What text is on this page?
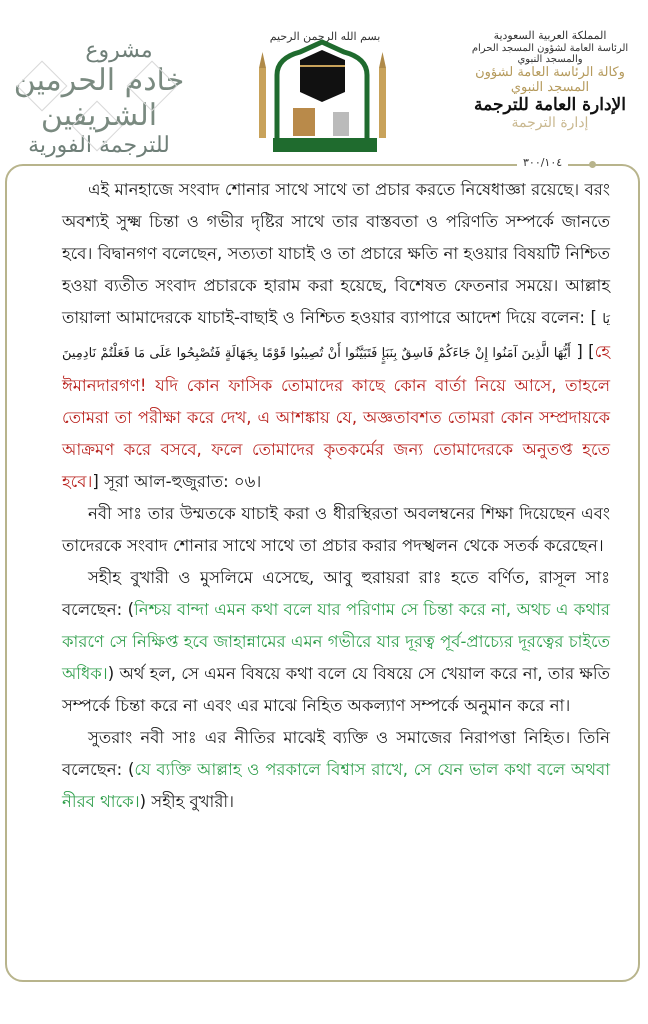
مشروع
خادم الحرمين الشريفين
للترجمة الفورية
بسم الله الرحمن الرحيم	المملكة العربية السعودية
الرئاسة العامة لشؤون المسجد الحرام والمسجد النبوي
وكالة الرئاسة العامة لشؤون المسجد النبوي
الإدارة العامة للترجمة
إدارة الترجمة
٣٠٠/١٠٤

এই মানহাজে সংবাদ শোনার সাথে সাথে তা প্রচার করতে নিষেধাজ্ঞা রয়েছে। বরং অবশ্যই সুক্ষ্ম চিন্তা ও গভীর দৃষ্টির সাথে তার বাস্তবতা ও পরিণতি সম্পর্কে জানতে হবে। বিদ্বানগণ বলেছেন, সত্যতা যাচাই ও তা প্রচারে ক্ষতি না হওয়ার বিষয়টি নিশ্চিত হওয়া ব্যতীত সংবাদ প্রচারকে হারাম করা হয়েছে, বিশেষত ফেতনার সময়ে। আল্লাহ তায়ালা আমাদেরকে যাচাই-বাছাই ও নিশ্চিত হওয়ার ব্যাপারে আদেশ দিয়ে বলেন: [ يَا أَيُّهَا الَّذِينَ آمَنُوا إِنْ جَاءَكُمْ فَاسِقٌ بِنَبَإٍ فَتَبَيَّنُوا أَنْ تُصِيبُوا قَوْمًا بِجَهَالَةٍ فَتُصْبِحُوا عَلَى مَا فَعَلْتُمْ نَادِمِينَ ] [হে ঈমানদারগণ! যদি কোন ফাসিক তোমাদের কাছে কোন বার্তা নিয়ে আসে, তাহলে তোমরা তা পরীক্ষা করে দেখ, এ আশঙ্কায় যে, অজ্ঞতাবশত তোমরা কোন সম্প্রদায়কে আক্রমণ করে বসবে, ফলে তোমাদের কৃতকর্মের জন্য তোমাদেরকে অনুতপ্ত হতে হবে।] সূরা আল-হুজুরাত: ০৬।

নবী সাঃ তার উম্মতকে যাচাই করা ও ধীরস্থিরতা অবলম্বনের শিক্ষা দিয়েছেন এবং তাদেরকে সংবাদ শোনার সাথে সাথে তা প্রচার করার পদস্খলন থেকে সতর্ক করেছেন।

সহীহ বুখারী ও মুসলিমে এসেছে, আবু হুরায়রা রাঃ হতে বর্ণিত, রাসূল সাঃ বলেছেন: (নিশ্চয় বান্দা এমন কথা বলে যার পরিণাম সে চিন্তা করে না, অথচ এ কথার কারণে সে নিক্ষিপ্ত হবে জাহান্নামের এমন গভীরে যার দূরত্ব পূর্ব-প্রাচ্যের দূরত্বের চাইতে অধিক।) অর্থ হল, সে এমন বিষয়ে কথা বলে যে বিষয়ে সে খেয়াল করে না, তার ক্ষতি সম্পর্কে চিন্তা করে না এবং এর মাঝে নিহিত অকল্যাণ সম্পর্কে অনুমান করে না।

সুতরাং নবী সাঃ এর নীতির মাঝেই ব্যক্তি ও সমাজের নিরাপত্তা নিহিত। তিনি বলেছেন: (যে ব্যক্তি আল্লাহ ও পরকালে বিশ্বাস রাখে, সে যেন ভাল কথা বলে অথবা নীরব থাকে।) সহীহ বুখারী।
